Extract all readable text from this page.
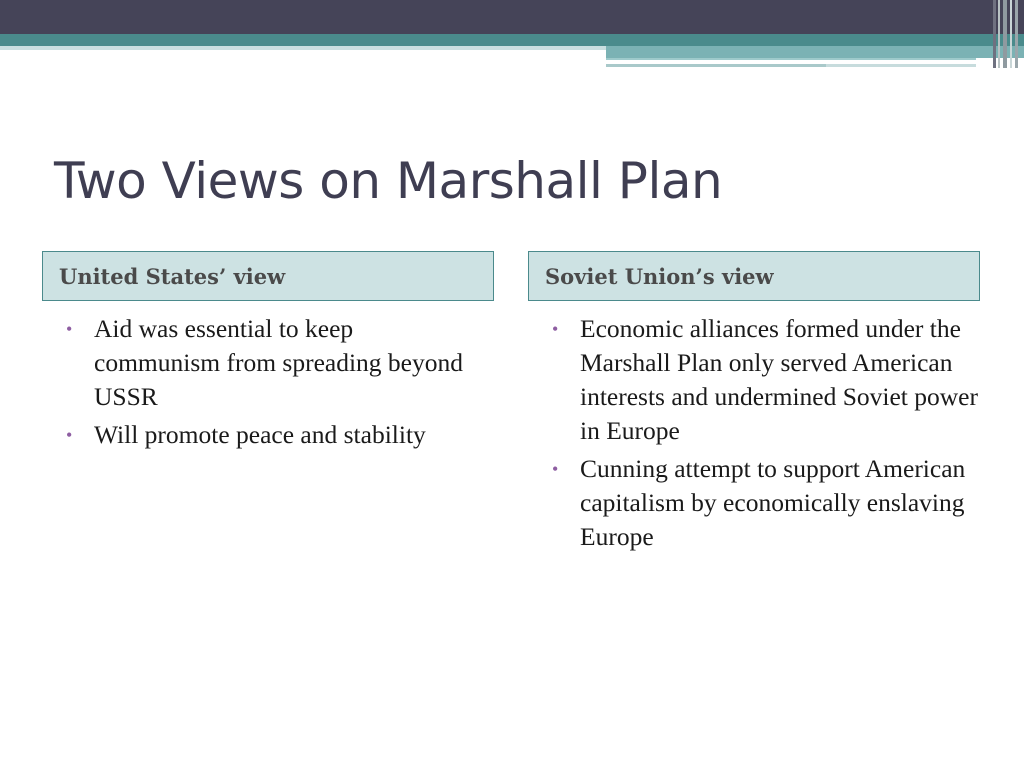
Two Views on Marshall Plan
United States’ view
• Aid was essential to keep communism from spreading beyond USSR
• Will promote peace and stability
Soviet Union’s view
• Economic alliances formed under the Marshall Plan only served American interests and undermined Soviet power in Europe
• Cunning attempt to support American capitalism by economically enslaving Europe
